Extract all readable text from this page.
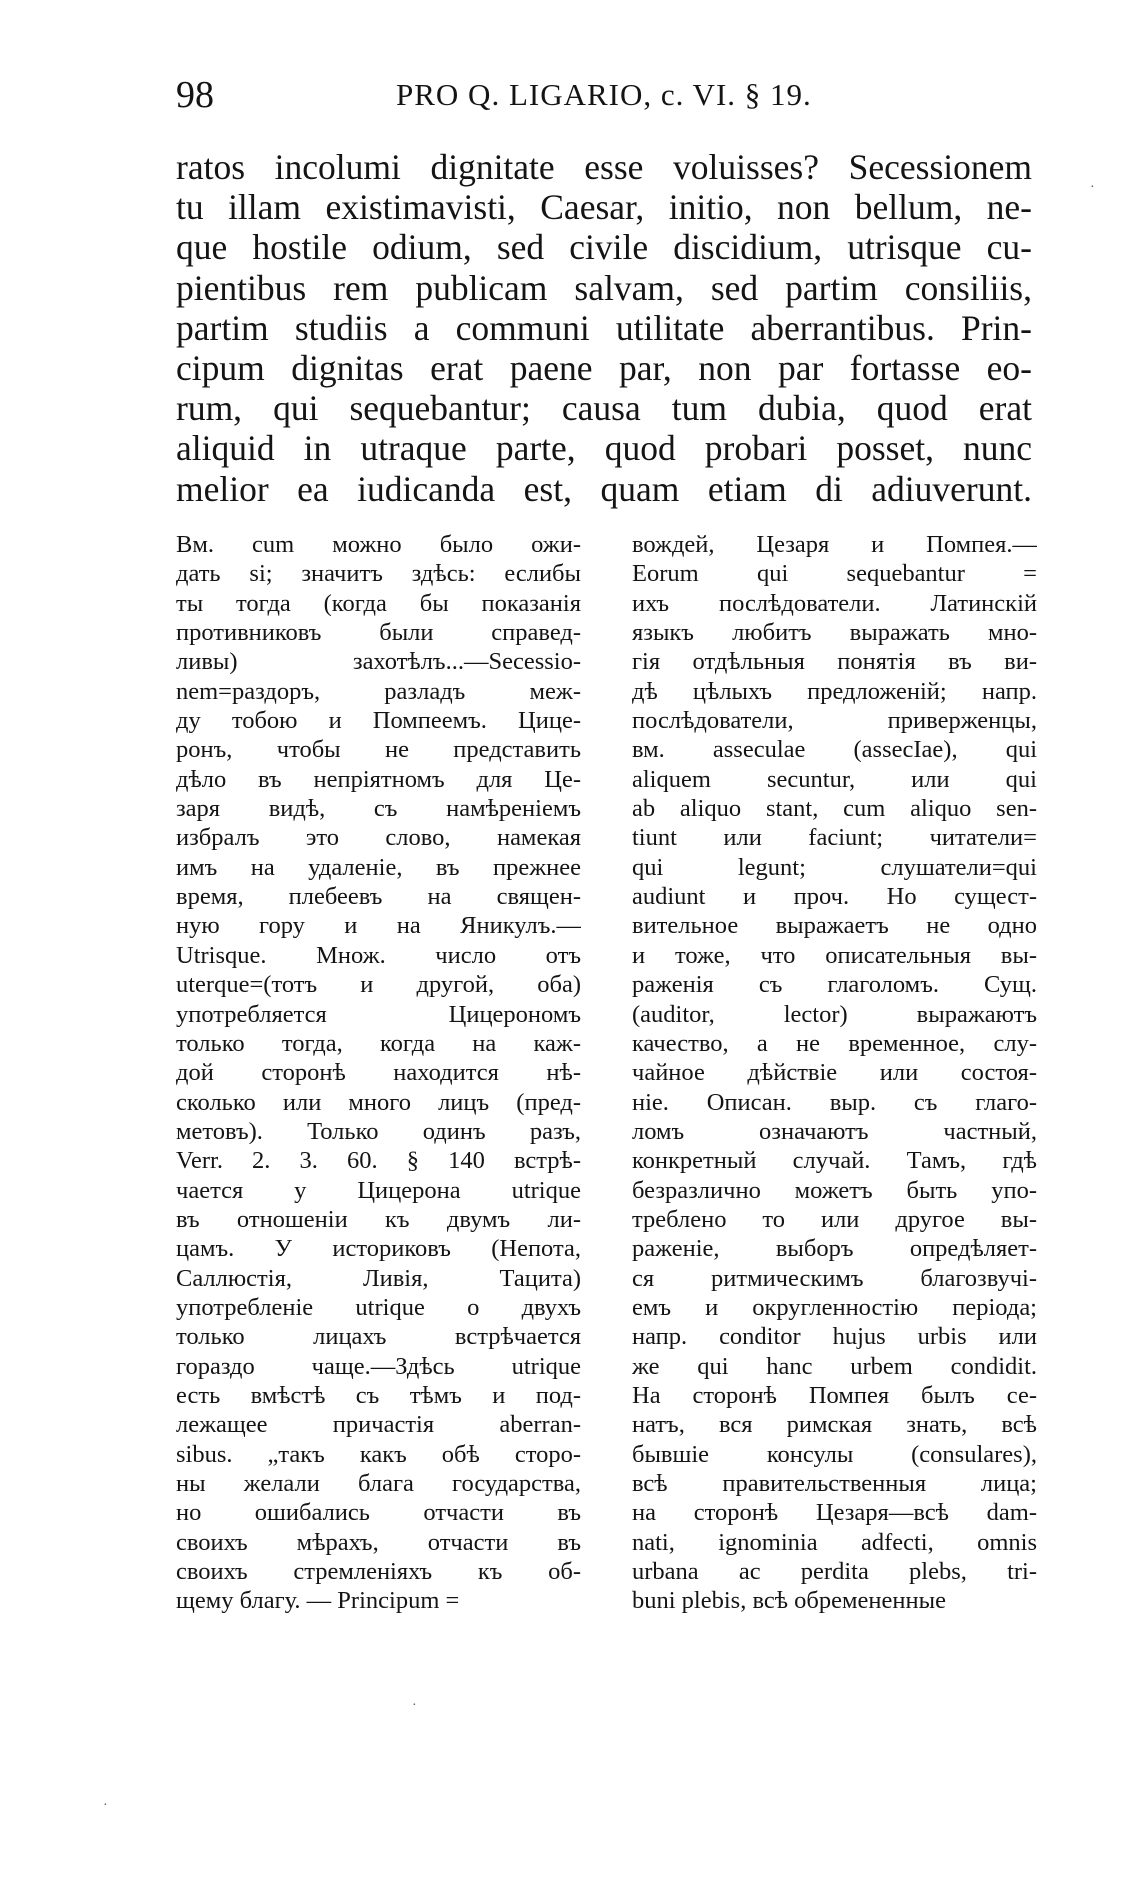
98	PRO Q. LIGARIO, c. VI. § 19.
ratos incolumi dignitate esse voluisses? Secessionem
tu illam existimavisti, Caesar, initio, non bellum, ne-
que hostile odium, sed civile discidium, utrisque cu-
pientibus rem publicam salvam, sed partim consiliis,
partim studiis a communi utilitate aberrantibus. Prin-
cipum dignitas erat paene par, non par fortasse eo-
rum, qui sequebantur; causa tum dubia, quod erat
aliquid in utraque parte, quod probari posset, nunc
melior ea iudicanda est, quam etiam di adiuverunt.
Вм. cum можно было ожи-
дать si; значитъ здѣсь: еслибы
ты тогда (когда бы показанія
противниковъ были справед-
ливы) захотѣлъ...—Secessio-
nem=раздоръ, разладъ меж-
ду тобою и Помпеемъ. Цице-
ронъ, чтобы не представить
дѣло въ непріятномъ для Це-
заря видѣ, съ намѣреніемъ
избралъ это слово, намекая
имъ на удаленіе, въ прежнее
время, плебеевъ на священ-
ную гору и на Яникулъ.—
Utrisque. Множ. число отъ
uterque=(тотъ и другой, оба)
употребляется Цицерономъ
только тогда, когда на каж-
дой сторонѣ находится нѣ-
сколько или много лицъ (пред-
метовъ). Только одинъ разъ,
Verr. 2. 3. 60. § 140 встрѣ-
чается у Цицерона utrique
въ отношеніи къ двумъ ли-
цамъ. У историковъ (Непота,
Саллюстія, Ливія, Тацита)
употребленіе utrique о двухъ
только лицахъ встрѣчается
гораздо чаще.—Здѣсь utrique
есть вмѣстѣ съ тѣмъ и под-
лежащее причастія aberran-
sibus. „такъ какъ обѣ сторо-
ны желали блага государства,
но ошибались отчасти въ
своихъ мѣрахъ, отчасти въ
своихъ стремленіяхъ къ об-
щему благу. — Principum =
вождей, Цезаря и Помпея.—
Eorum qui sequebantur =
ихъ послѣдователи. Латинскій
языкъ любитъ выражать мно-
гія отдѣльныя понятія въ ви-
дѣ цѣлыхъ предложеній; напр.
послѣдователи, приверженцы,
вм. asseculae (assecIae), qui
aliquem secuntur, или qui
ab aliquo stant, cum aliquo sen-
tiunt или faciunt; читатели=
qui legunt; слушатели=qui
audiunt и проч. Но сущест-
вительное выражаетъ не одно
и тоже, что описательныя вы-
раженія съ глаголомъ. Сущ.
(auditor, lector) выражаютъ
качество, а не временное, слу-
чайное дѣйствіе или состоя-
ніе. Описан. выр. съ глаго-
ломъ означаютъ частный,
конкретный случай. Тамъ, гдѣ
безразлично можетъ быть упо-
треблено то или другое вы-
раженіе, выборъ опредѣляет-
ся ритмическимъ благозвучі-
емъ и округленностію періода;
напр. conditor hujus urbis или
же qui hanc urbem condidit.
На сторонѣ Помпея былъ се-
натъ, вся римская знать, всѣ
бывшіе консулы (consulares),
всѣ правительственныя лица;
на сторонѣ Цезаря—всѣ dam-
nati, ignominia adfecti, omnis
urbana ac perdita plebs, tri-
buni plebis, всѣ обремененные
·
·
·
